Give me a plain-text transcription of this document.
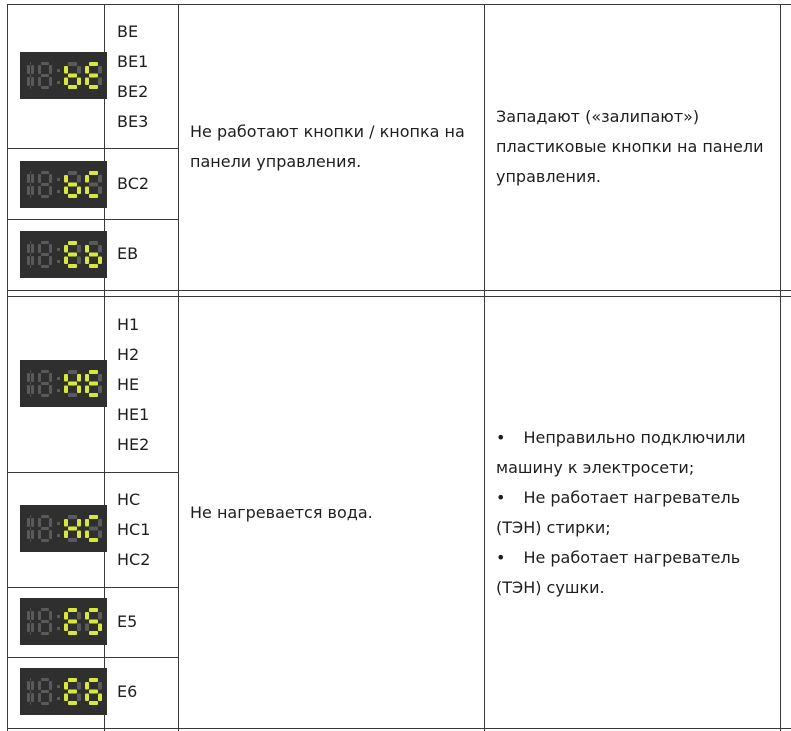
BE
BE1
BE2
BE3
BC2
EB
Не работают кнопки / кнопка на
панели управления.
Западают («залипают»)
пластиковые кнопки на панели
управления.
H1
H2
HE
HE1
HE2
HC
HC1
HC2
E5
E6
Не нагревается вода.
• Неправильно подключили
машину к электросети;
• Не работает нагреватель
(ТЭН) стирки;
• Не работает нагреватель
(ТЭН) сушки.
